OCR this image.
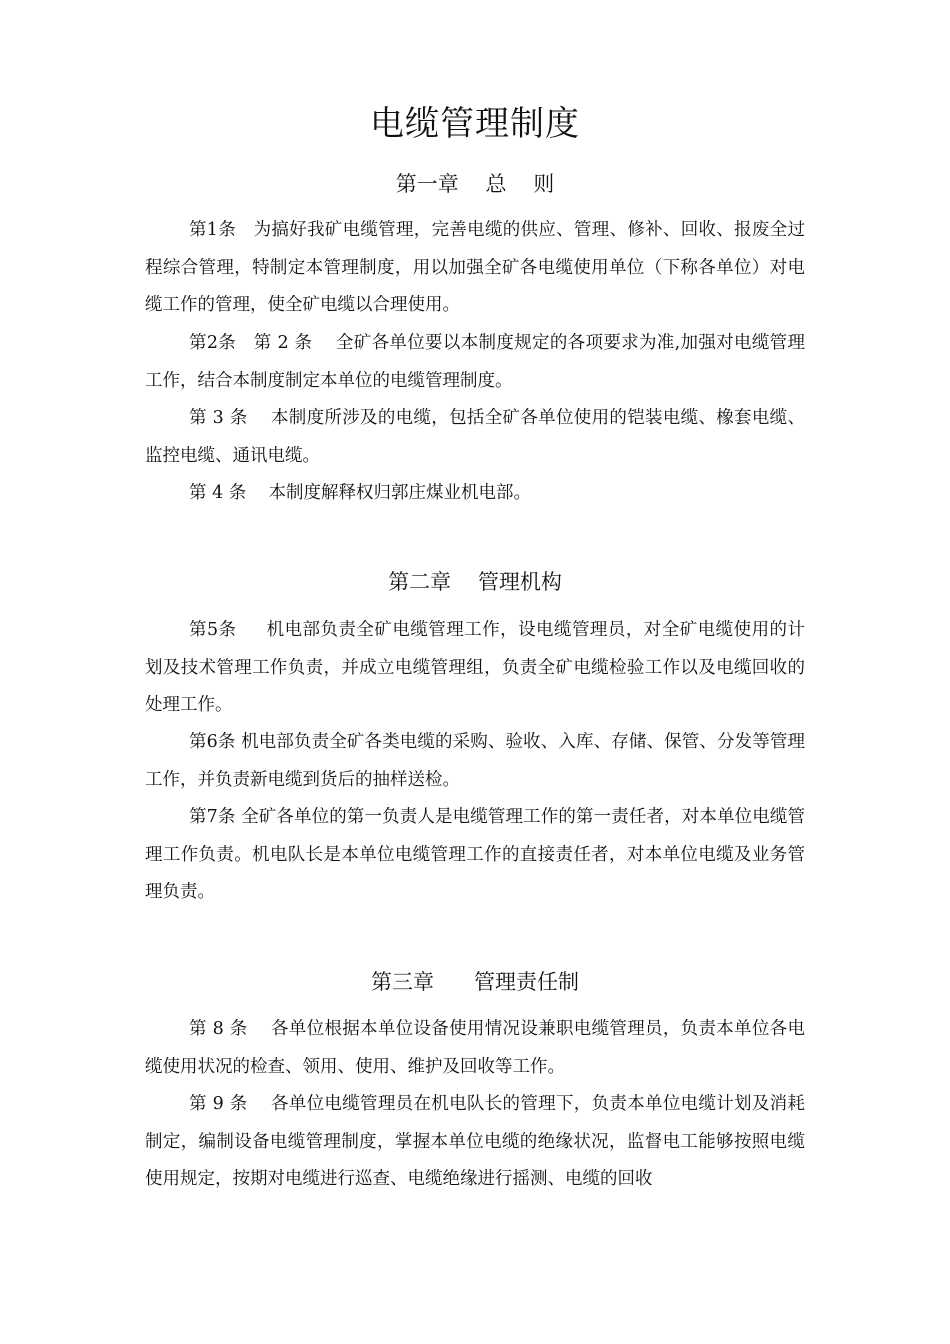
电缆管理制度
第一章    总    则
第1条   为搞好我矿电缆管理，完善电缆的供应、管理、修补、回收、报废全过程综合管理，特制定本管理制度，用以加强全矿各电缆使用单位（下称各单位）对电缆工作的管理，使全矿电缆以合理使用。
第2条   第 2 条    全矿各单位要以本制度规定的各项要求为准,加强对电缆管理工作，结合本制度制定本单位的电缆管理制度。
第 3 条    本制度所涉及的电缆，包括全矿各单位使用的铠装电缆、橡套电缆、监控电缆、通讯电缆。
第 4 条    本制度解释权归郭庄煤业机电部。
第二章    管理机构
第5条     机电部负责全矿电缆管理工作，设电缆管理员，对全矿电缆使用的计划及技术管理工作负责，并成立电缆管理组，负责全矿电缆检验工作以及电缆回收的处理工作。
第6条 机电部负责全矿各类电缆的采购、验收、入库、存储、保管、分发等管理工作，并负责新电缆到货后的抽样送检。
第7条 全矿各单位的第一负责人是电缆管理工作的第一责任者，对本单位电缆管理工作负责。机电队长是本单位电缆管理工作的直接责任者，对本单位电缆及业务管理负责。
第三章      管理责任制
第 8 条    各单位根据本单位设备使用情况设兼职电缆管理员，负责本单位各电缆使用状况的检查、领用、使用、维护及回收等工作。
第 9 条    各单位电缆管理员在机电队长的管理下，负责本单位电缆计划及消耗制定，编制设备电缆管理制度，掌握本单位电缆的绝缘状况，监督电工能够按照电缆使用规定，按期对电缆进行巡查、电缆绝缘进行摇测、电缆的回收
